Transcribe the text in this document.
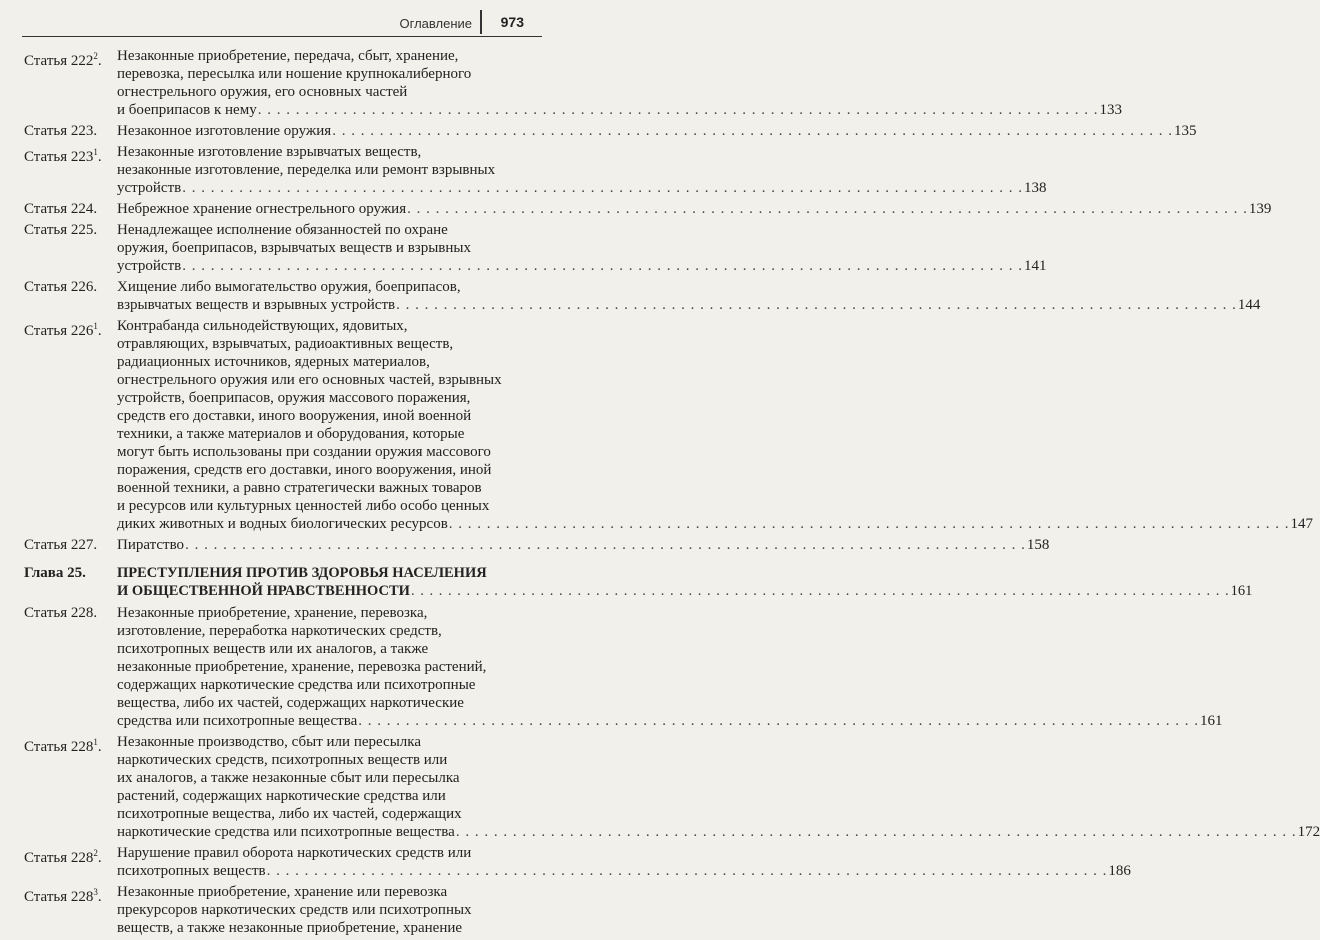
Оглавление 973
Статья $222^2$.	Незаконные приобретение, передача, сбыт, хранение,
перевозка, пересылка или ношение крупнокалиберного
огнестрельного оружия, его основных частей
и боеприпасов к нему . . .	133
Статья 223.	Незаконное изготовление оружия . . .	135
Статья $223^1$.	Незаконные изготовление взрывчатых веществ,
незаконные изготовление, переделка или ремонт взрывных
устройств . . .	138
Статья 224.	Небрежное хранение огнестрельного оружия . . .	139
Статья 225.	Ненадлежащее исполнение обязанностей по охране
оружия, боеприпасов, взрывчатых веществ и взрывных
устройств . . .	141
Статья 226.	Хищение либо вымогательство оружия, боеприпасов,
взрывчатых веществ и взрывных устройств . . .	144
Статья $226^1$.	Контрабанда сильнодействующих, ядовитых,
отравляющих, взрывчатых, радиоактивных веществ,
радиационных источников, ядерных материалов,
огнестрельного оружия или его основных частей, взрывных
устройств, боеприпасов, оружия массового поражения,
средств его доставки, иного вооружения, иной военной
техники, а также материалов и оборудования, которые
могут быть использованы при создании оружия массового
поражения, средств его доставки, иного вооружения, иной
военной техники, а равно стратегически важных товаров
и ресурсов или культурных ценностей либо особо ценных
диких животных и водных биологических ресурсов . . .	147
Статья 227.	Пиратство . . .	158
Глава 25.	ПРЕСТУПЛЕНИЯ ПРОТИВ ЗДОРОВЬЯ НАСЕЛЕНИЯ
И ОБЩЕСТВЕННОЙ НРАВСТВЕННОСТИ . . .	161
Статья 228.	Незаконные приобретение, хранение, перевозка,
изготовление, переработка наркотических средств,
психотропных веществ или их аналогов, а также
незаконные приобретение, хранение, перевозка растений,
содержащих наркотические средства или психотропные
вещества, либо их частей, содержащих наркотические
средства или психотропные вещества . . .	161
Статья $228^1$.	Незаконные производство, сбыт или пересылка
наркотических средств, психотропных веществ или
их аналогов, а также незаконные сбыт или пересылка
растений, содержащих наркотические средства или
психотропные вещества, либо их частей, содержащих
наркотические средства или психотропные вещества . . .	172
Статья $228^2$.	Нарушение правил оборота наркотических средств или
психотропных веществ . . .	186
Статья $228^3$.	Незаконные приобретение, хранение или перевозка
прекурсоров наркотических средств или психотропных
веществ, а также незаконные приобретение, хранение
